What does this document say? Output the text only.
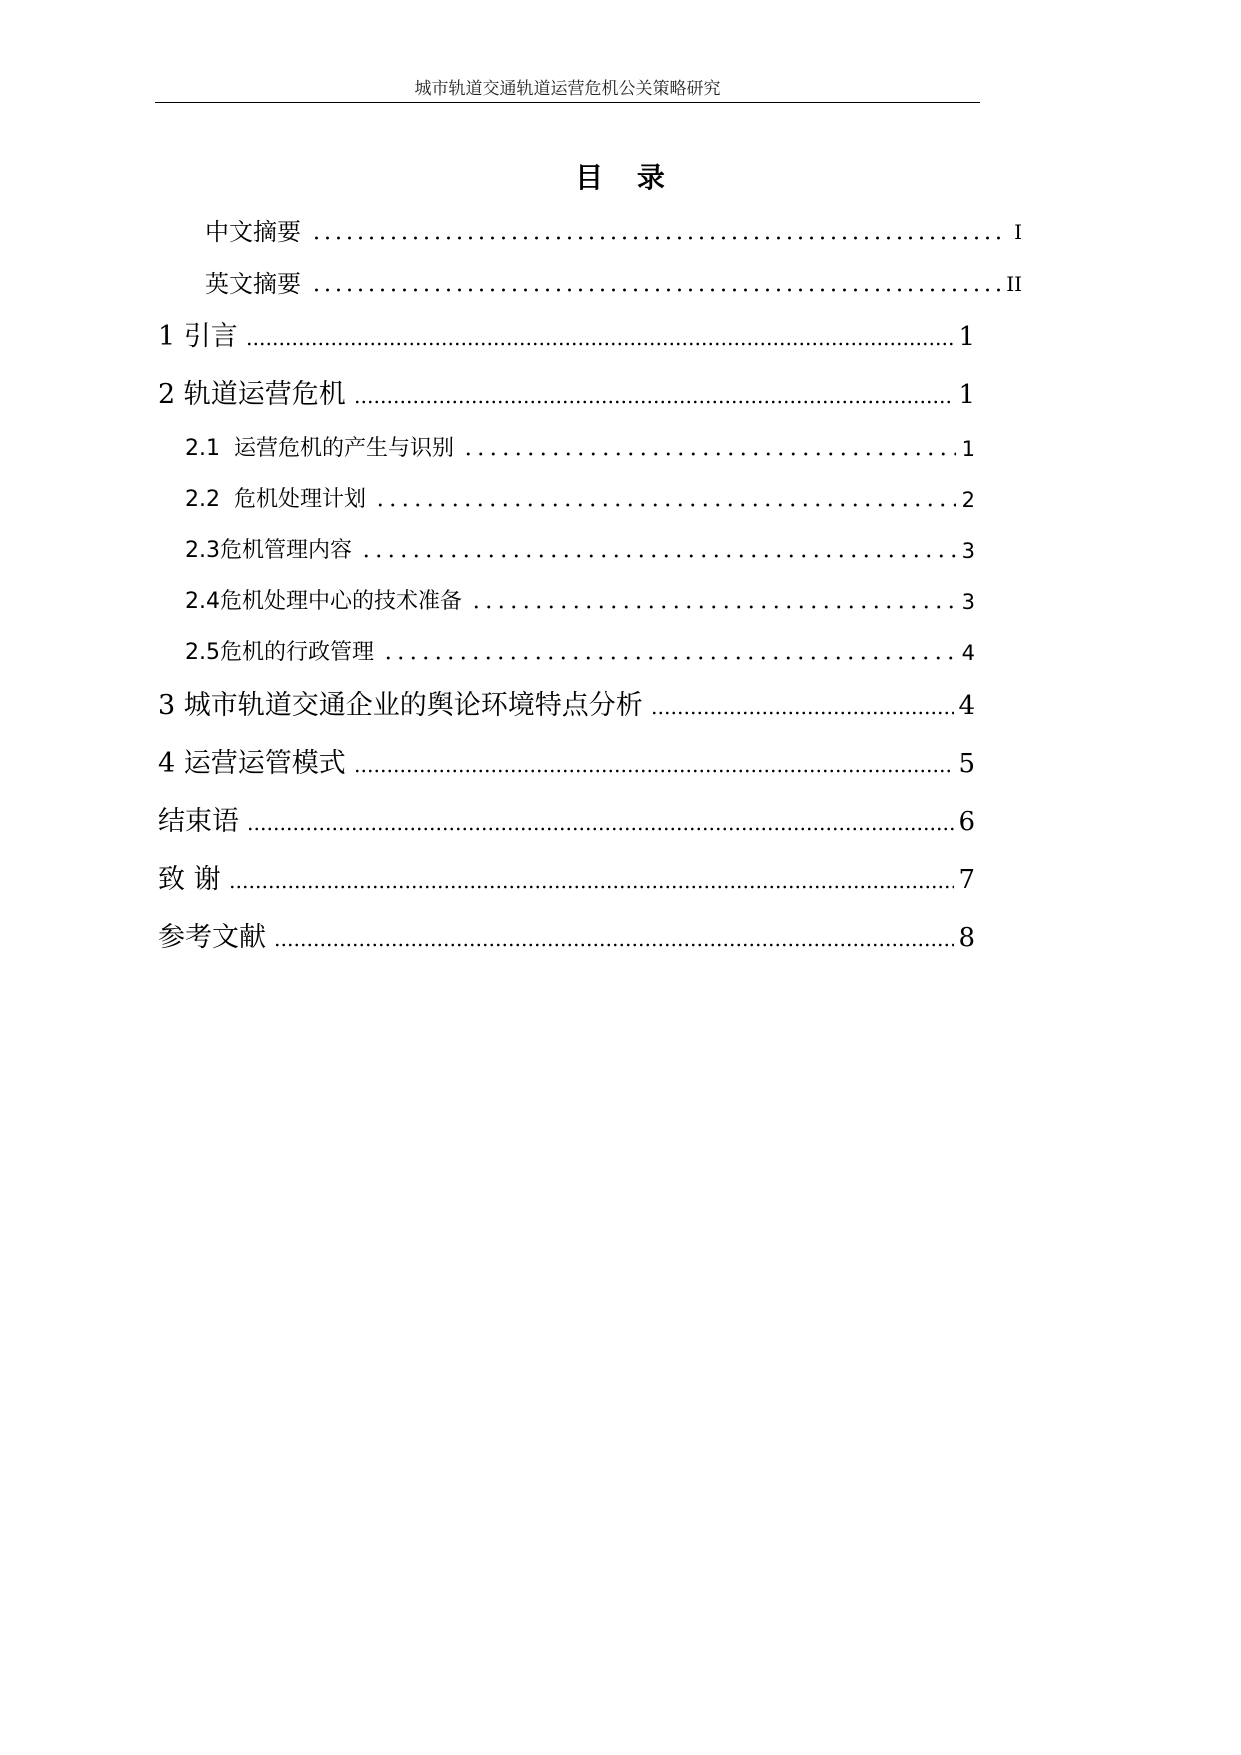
城市轨道交通轨道运营危机公关策略研究
目 录
中文摘要	I
英文摘要	II
1 引言	1
2 轨道运营危机	1
2.1  运营危机的产生与识别	1
2.2  危机处理计划	2
2.3危机管理内容	3
2.4危机处理中心的技术准备	3
2.5危机的行政管理	4
3 城市轨道交通企业的舆论环境特点分析	4
4 运营运管模式	5
结束语	6
致 谢	7
参考文献	8
